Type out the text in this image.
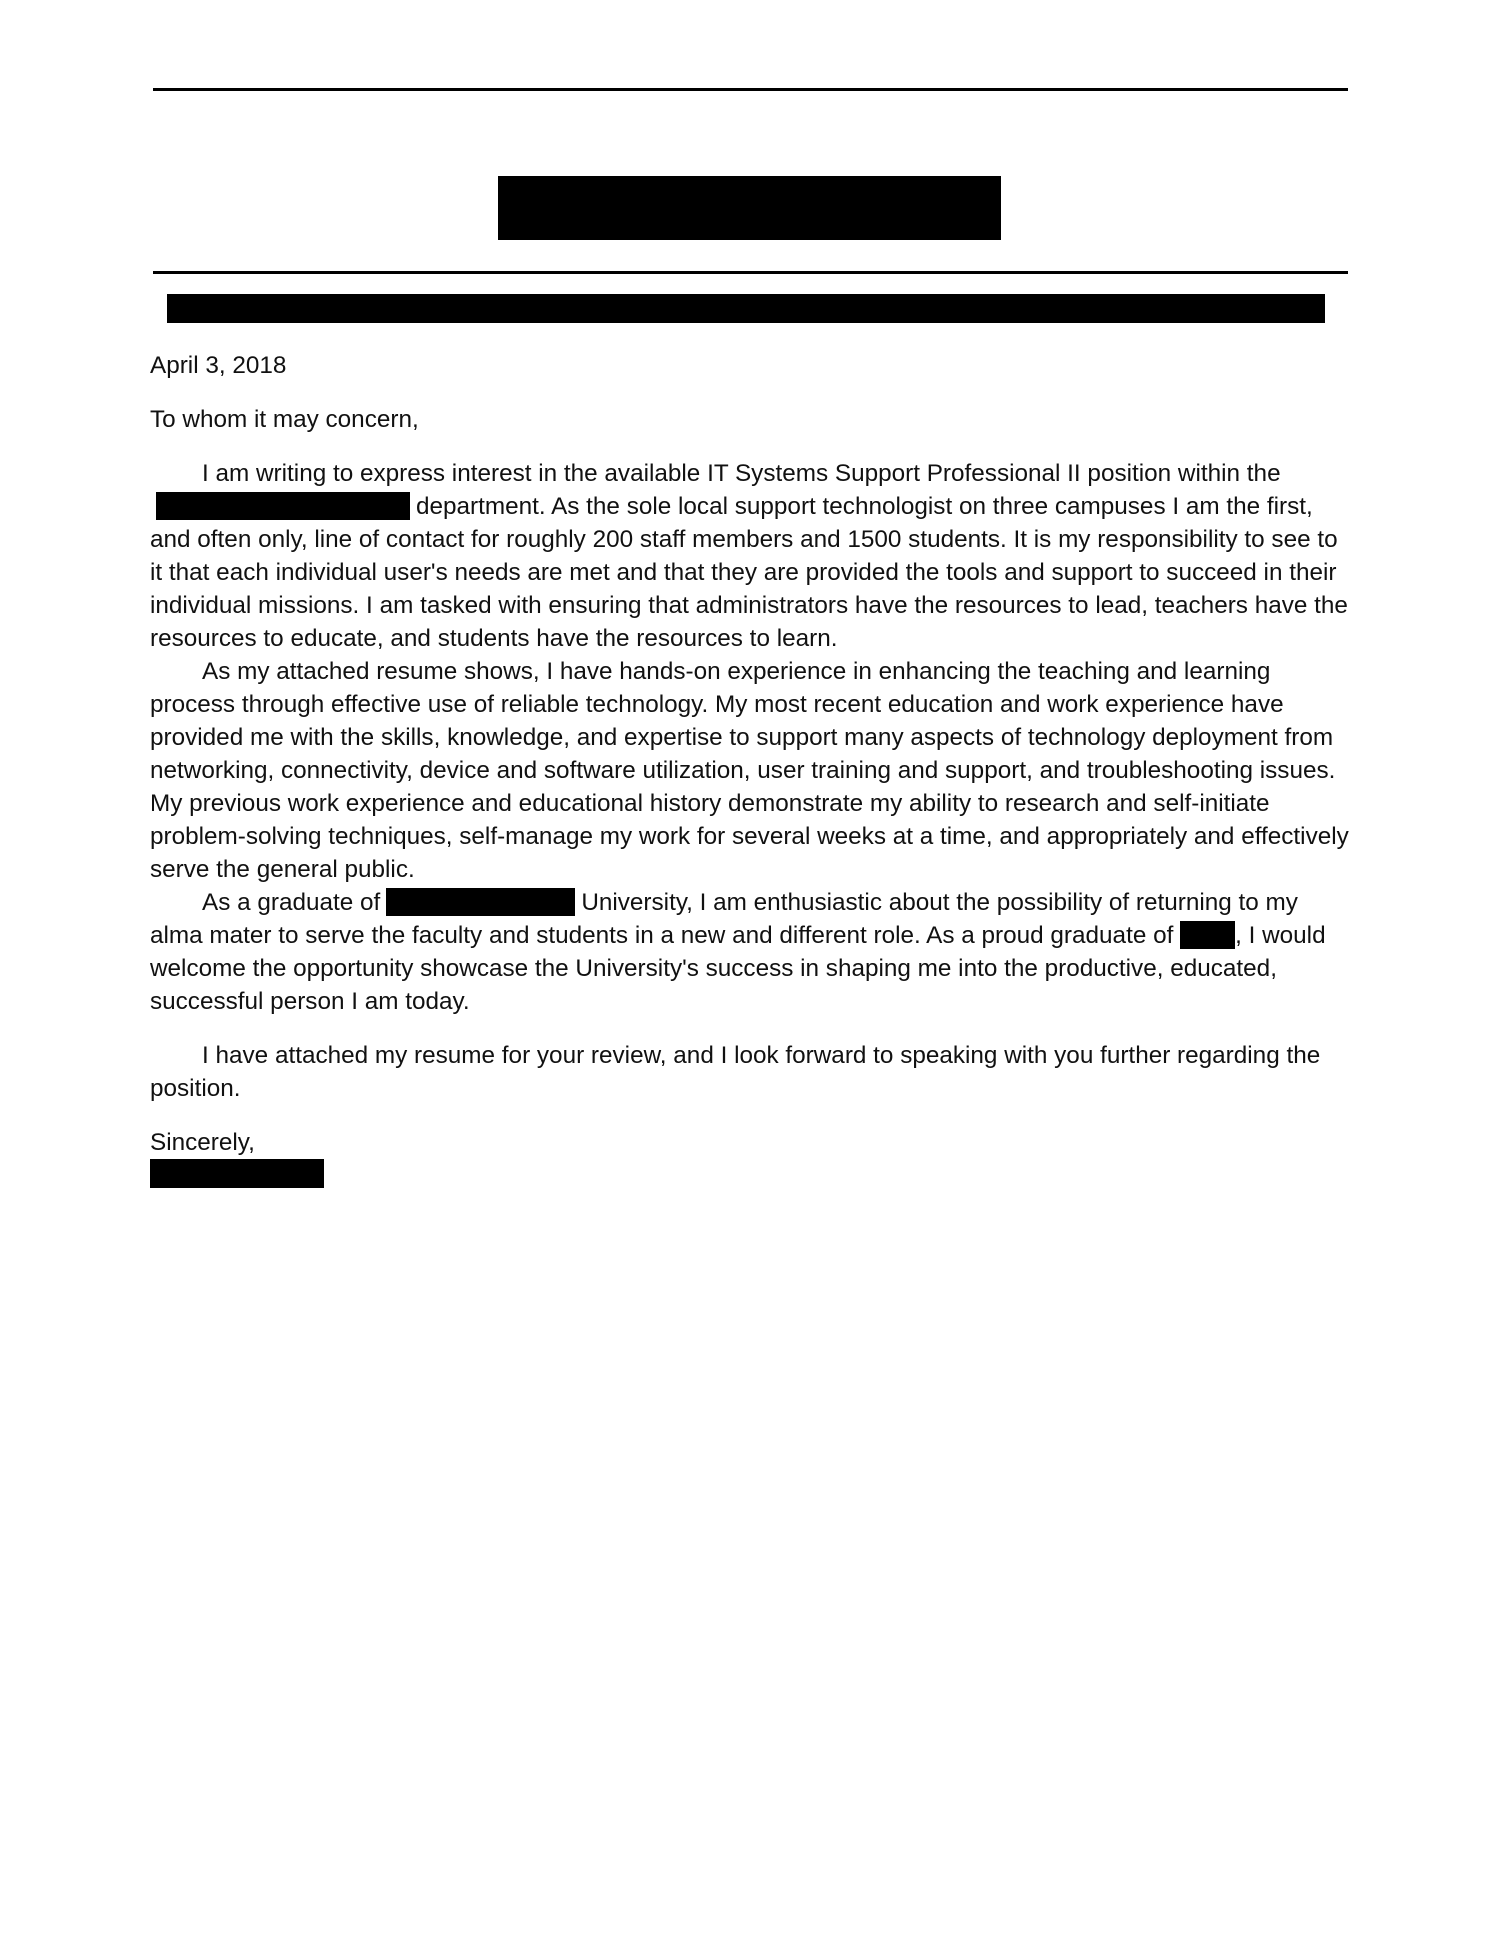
April 3, 2018

To whom it may concern,

I am writing to express interest in the available IT Systems Support Professional II position within thedepartment. As the sole local support technologist on three campuses I am the first, and often only, line of contact for roughly 200 staff members and 1500 students. It is my responsibility to see to it that each individual user's needs are met and that they are provided the tools and support to succeed in their individual missions. I am tasked with ensuring that administrators have the resources to lead, teachers have the resources to educate, and students have the resources to learn.

As my attached resume shows, I have hands-on experience in enhancing the teaching and learning process through effective use of reliable technology. My most recent education and work experience have provided me with the skills, knowledge, and expertise to support many aspects of technology deployment from networking, connectivity, device and software utilization, user training and support, and troubleshooting issues. My previous work experience and educational history demonstrate my ability to research and self-initiate problem-solving techniques, self-manage my work for several weeks at a time, and appropriately and effectively serve the general public.

As a graduate of	University, I am enthusiastic about the possibility of returning to my alma mater to serve the faculty and students in a new and different role. As a proud graduate of	, I would welcome the opportunity showcase the University's success in shaping me into the productive, educated, successful person I am today.

I have attached my resume for your review, and I look forward to speaking with you further regarding the position.

Sincerely,
